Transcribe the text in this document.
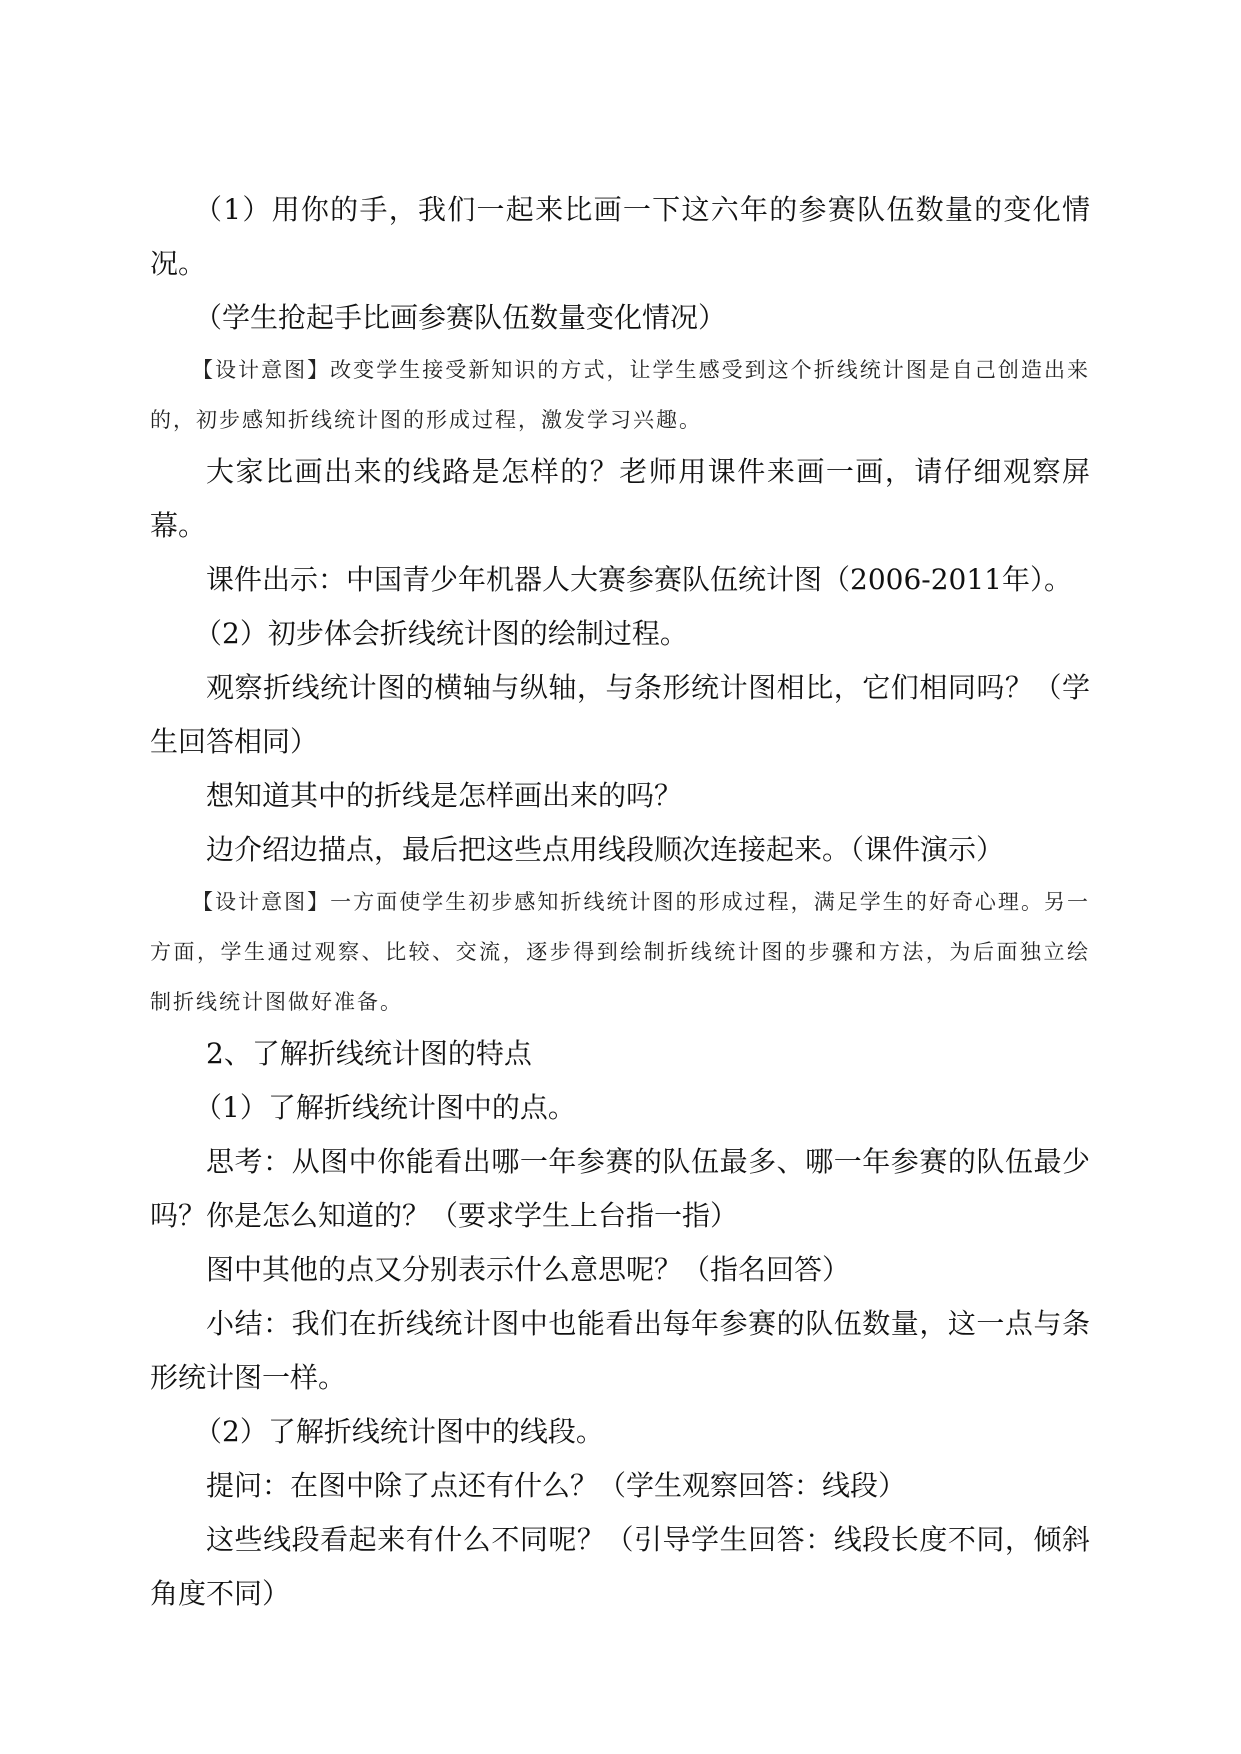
（1）用你的手，我们一起来比画一下这六年的参赛队伍数量的变化情况。

（学生抢起手比画参赛队伍数量变化情况）

【设计意图】改变学生接受新知识的方式，让学生感受到这个折线统计图是自己创造出来的，初步感知折线统计图的形成过程，激发学习兴趣。

大家比画出来的线路是怎样的？老师用课件来画一画，请仔细观察屏幕。

课件出示：中国青少年机器人大赛参赛队伍统计图（2006-2011年）。

（2）初步体会折线统计图的绘制过程。

观察折线统计图的横轴与纵轴，与条形统计图相比，它们相同吗？（学生回答相同）

想知道其中的折线是怎样画出来的吗？

边介绍边描点，最后把这些点用线段顺次连接起来。（课件演示）

【设计意图】一方面使学生初步感知折线统计图的形成过程，满足学生的好奇心理。另一方面，学生通过观察、比较、交流，逐步得到绘制折线统计图的步骤和方法，为后面独立绘制折线统计图做好准备。

2、了解折线统计图的特点

（1）了解折线统计图中的点。

思考：从图中你能看出哪一年参赛的队伍最多、哪一年参赛的队伍最少吗？你是怎么知道的？（要求学生上台指一指）

图中其他的点又分别表示什么意思呢？（指名回答）

小结：我们在折线统计图中也能看出每年参赛的队伍数量，这一点与条形统计图一样。

（2）了解折线统计图中的线段。

提问：在图中除了点还有什么？（学生观察回答：线段）

这些线段看起来有什么不同呢？（引导学生回答：线段长度不同，倾斜角度不同）
